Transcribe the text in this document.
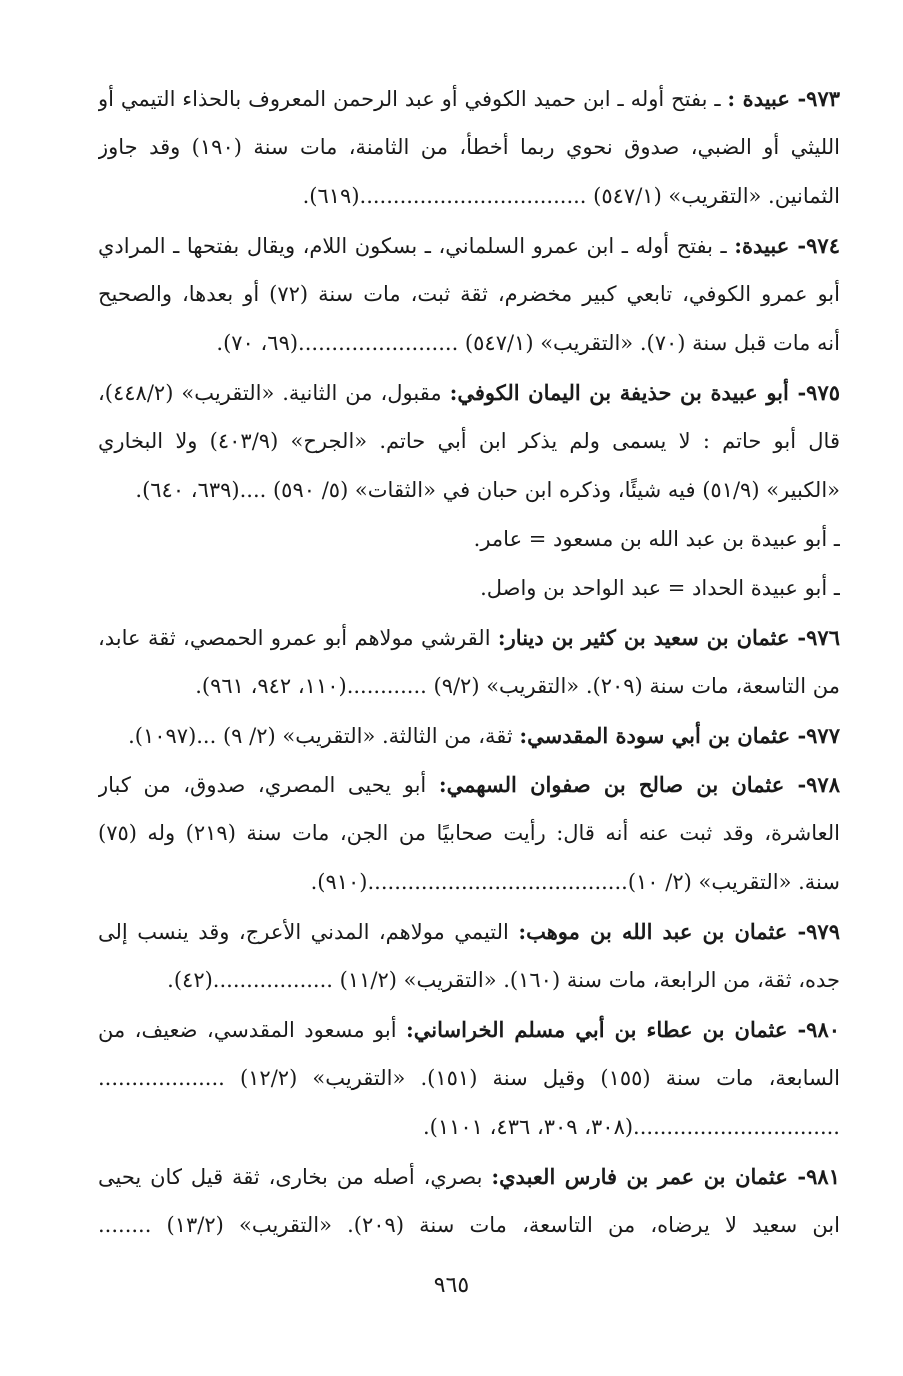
٩٧٣- عبيدة : ـ بفتح أوله ـ ابن حميد الكوفي أو عبد الرحمن المعروف بالحذاء التيمي أو
الليثي أو الضبي، صدوق نحوي ربما أخطأ، من الثامنة، مات سنة (١٩٠) وقد جاوز
الثمانين. «التقريب» (٥٤٧/١) ..................................(٦١٩).
٩٧٤- عبيدة: ـ بفتح أوله ـ ابن عمرو السلماني، ـ بسكون اللام، ويقال بفتحها ـ المرادي
أبو عمرو الكوفي، تابعي كبير مخضرم، ثقة ثبت، مات سنة (٧٢) أو بعدها، والصحيح
أنه مات قبل سنة (٧٠). «التقريب» (٥٤٧/١) ........................(٦٩، ٧٠).
٩٧٥- أبو عبيدة بن حذيفة بن اليمان الكوفي: مقبول، من الثانية. «التقريب» (٤٤٨/٢)،
قال أبو حاتم : لا يسمى ولم يذكر ابن أبي حاتم. «الجرح» (٤٠٣/٩) ولا البخاري
«الكبير» (٥١/٩) فيه شيئًا، وذكره ابن حبان في «الثقات» (٥/ ٥٩٠) ....(٦٣٩، ٦٤٠).
ـ أبو عبيدة بن عبد الله بن مسعود = عامر.
ـ أبو عبيدة الحداد = عبد الواحد بن واصل.
٩٧٦- عثمان بن سعيد بن كثير بن دينار: القرشي مولاهم أبو عمرو الحمصي، ثقة عابد،
من التاسعة، مات سنة (٢٠٩). «التقريب» (٩/٢) ............(١١٠، ٩٤٢، ٩٦١).
٩٧٧- عثمان بن أبي سودة المقدسي: ثقة، من الثالثة. «التقريب» (٢/ ٩) ...(١٠٩٧).
٩٧٨- عثمان بن صالح بن صفوان السهمي: أبو يحيى المصري، صدوق، من كبار
العاشرة، وقد ثبت عنه أنه قال: رأيت صحابيًا من الجن، مات سنة (٢١٩) وله (٧٥)
سنة. «التقريب» (٢/ ١٠).......................................(٩١٠).
٩٧٩- عثمان بن عبد الله بن موهب: التيمي مولاهم، المدني الأعرج، وقد ينسب إلى
جده، ثقة، من الرابعة، مات سنة (١٦٠). «التقريب» (١١/٢) ..................(٤٢).
٩٨٠- عثمان بن عطاء بن أبي مسلم الخراساني: أبو مسعود المقدسي، ضعيف، من
السابعة، مات سنة (١٥٥) وقيل سنة (١٥١). «التقريب» (١٢/٢) ...................
...............................(٣٠٨، ٣٠٩، ٤٣٦، ١١٠١).
٩٨١- عثمان بن عمر بن فارس العبدي: بصري، أصله من بخارى، ثقة قيل كان يحيى
ابن سعيد لا يرضاه، من التاسعة، مات سنة (٢٠٩). «التقريب» (١٣/٢) ........
٩٦٥
